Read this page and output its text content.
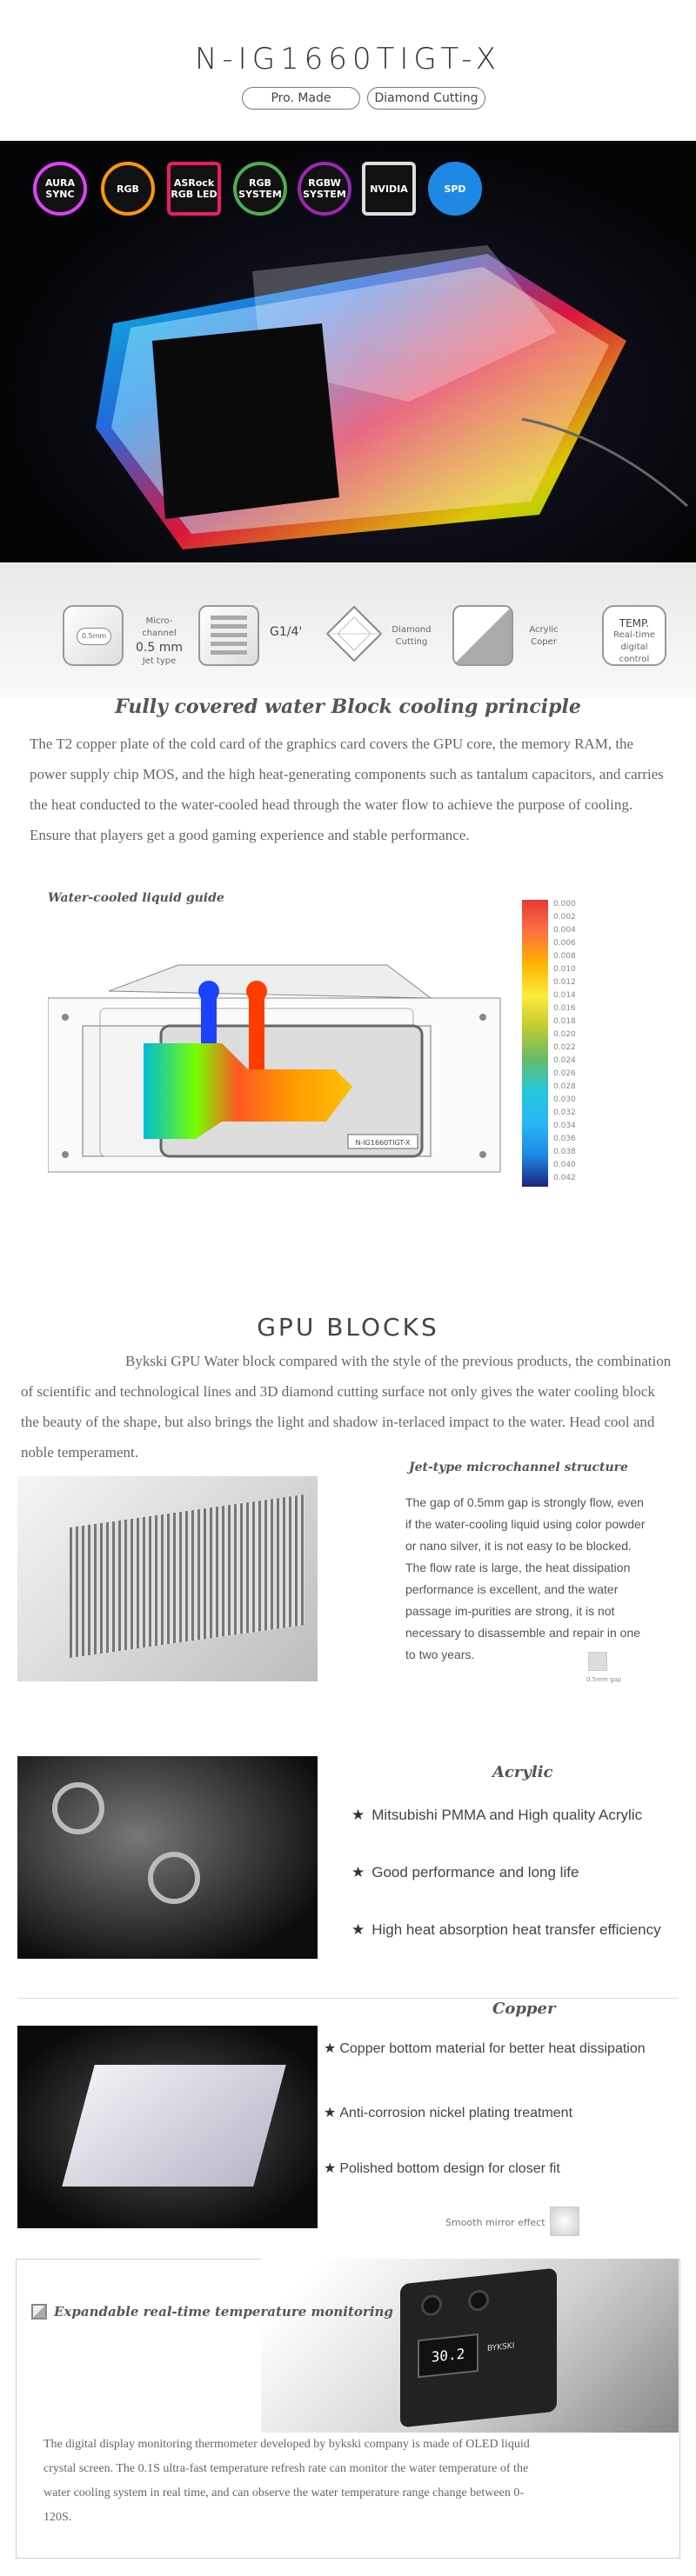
N-IG1660TIGT-X
Pro. Made	Diamond Cutting
AURA SYNC	RGB	ASRock RGB LED
RGB SYSTEM
RGBW SYSTEM	NVIDIA	SPD
0.5mm
Micro-channel
0.5 mm
Jet type
G1/4'	Diamond
Cutting
Acrylic
Coper
TEMP.
Real-time
digital control
Fully covered water Block cooling principle
The T2 copper plate of the cold card of the graphics card covers the GPU core, the memory RAM, the power supply chip MOS, and the high heat-generating components such as tantalum capacitors, and carries the heat conducted to the water-cooled head through the water flow to achieve the purpose of cooling. Ensure that players get a good gaming experience and stable performance.
Water-cooled liquid guide
N-IG1660TIGT-X
0.000
0.002
0.004
0.006
0.008
0.010
0.012
0.014
0.016
0.018
0.020
0.022
0.024
0.026
0.028
0.030
0.032
0.034
0.036
0.038
0.040
0.042
GPU BLOCKS
Bykski GPU Water block compared with the style of the previous products, the combination of scientific and technological lines and 3D diamond cutting surface not only gives the water cooling block the beauty of the shape, but also brings the light and shadow in-terlaced impact to the water. Head cool and noble temperament.
Jet-type microchannel structure
The gap of 0.5mm gap is strongly flow, even if the water-cooling liquid using color powder or nano silver, it is not easy to be blocked. The flow rate is large, the heat dissipation performance is excellent, and the water passage im-purities are strong, it is not necessary to disassemble and repair in one to two years.
0.5mm gap
Acrylic
★ Mitsubishi PMMA and High quality Acrylic
★ Good performance and long life
★ High heat absorption heat transfer efficiency
Copper
★ Copper bottom material for better heat dissipation
★ Anti-corrosion nickel plating treatment
★ Polished bottom design for closer fit
Smooth mirror effect
30.2	BYKSKI
Expandable real-time temperature monitoring
The digital display monitoring thermometer developed by bykski company is made of OLED liquid crystal screen. The 0.1S ultra-fast temperature refresh rate can monitor the water temperature of the water cooling system in real time, and can observe the water temperature range change between 0-120S.
